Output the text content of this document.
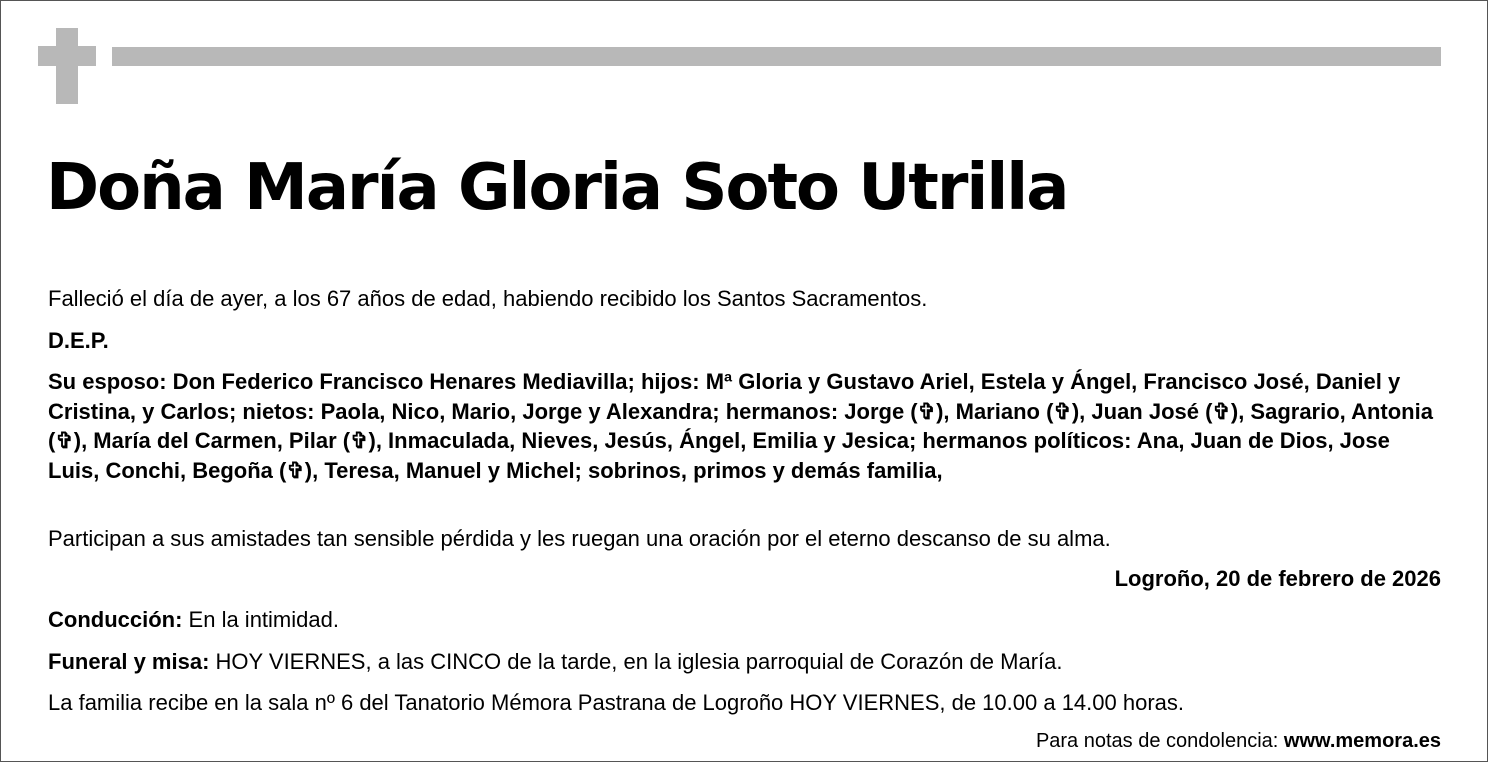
Doña María Gloria Soto Utrilla

Falleció el día de ayer, a los 67 años de edad, habiendo recibido los Santos Sacramentos.

D.E.P.

Su esposo: Don Federico Francisco Henares Mediavilla; hijos: Mª Gloria y Gustavo Ariel, Estela y Ángel, Francisco José, Daniel y Cristina, y Carlos; nietos: Paola, Nico, Mario, Jorge y Alexandra; hermanos: Jorge (✞), Mariano (✞), Juan José (✞), Sagrario, Antonia (✞), María del Carmen, Pilar (✞), Inmaculada, Nieves, Jesús, Ángel, Emilia y Jesica; hermanos políticos: Ana, Juan de Dios, Jose Luis, Conchi, Begoña (✞), Teresa, Manuel y Michel; sobrinos, primos y demás familia,

Participan a sus amistades tan sensible pérdida y les ruegan una oración por el eterno descanso de su alma.

Logroño, 20 de febrero de 2026

Conducción: En la intimidad.

Funeral y misa: HOY VIERNES, a las CINCO de la tarde, en la iglesia parroquial de Corazón de María.

La familia recibe en la sala nº 6 del Tanatorio Mémora Pastrana de Logroño HOY VIERNES, de 10.00 a 14.00 horas.

Para notas de condolencia: www.memora.es
